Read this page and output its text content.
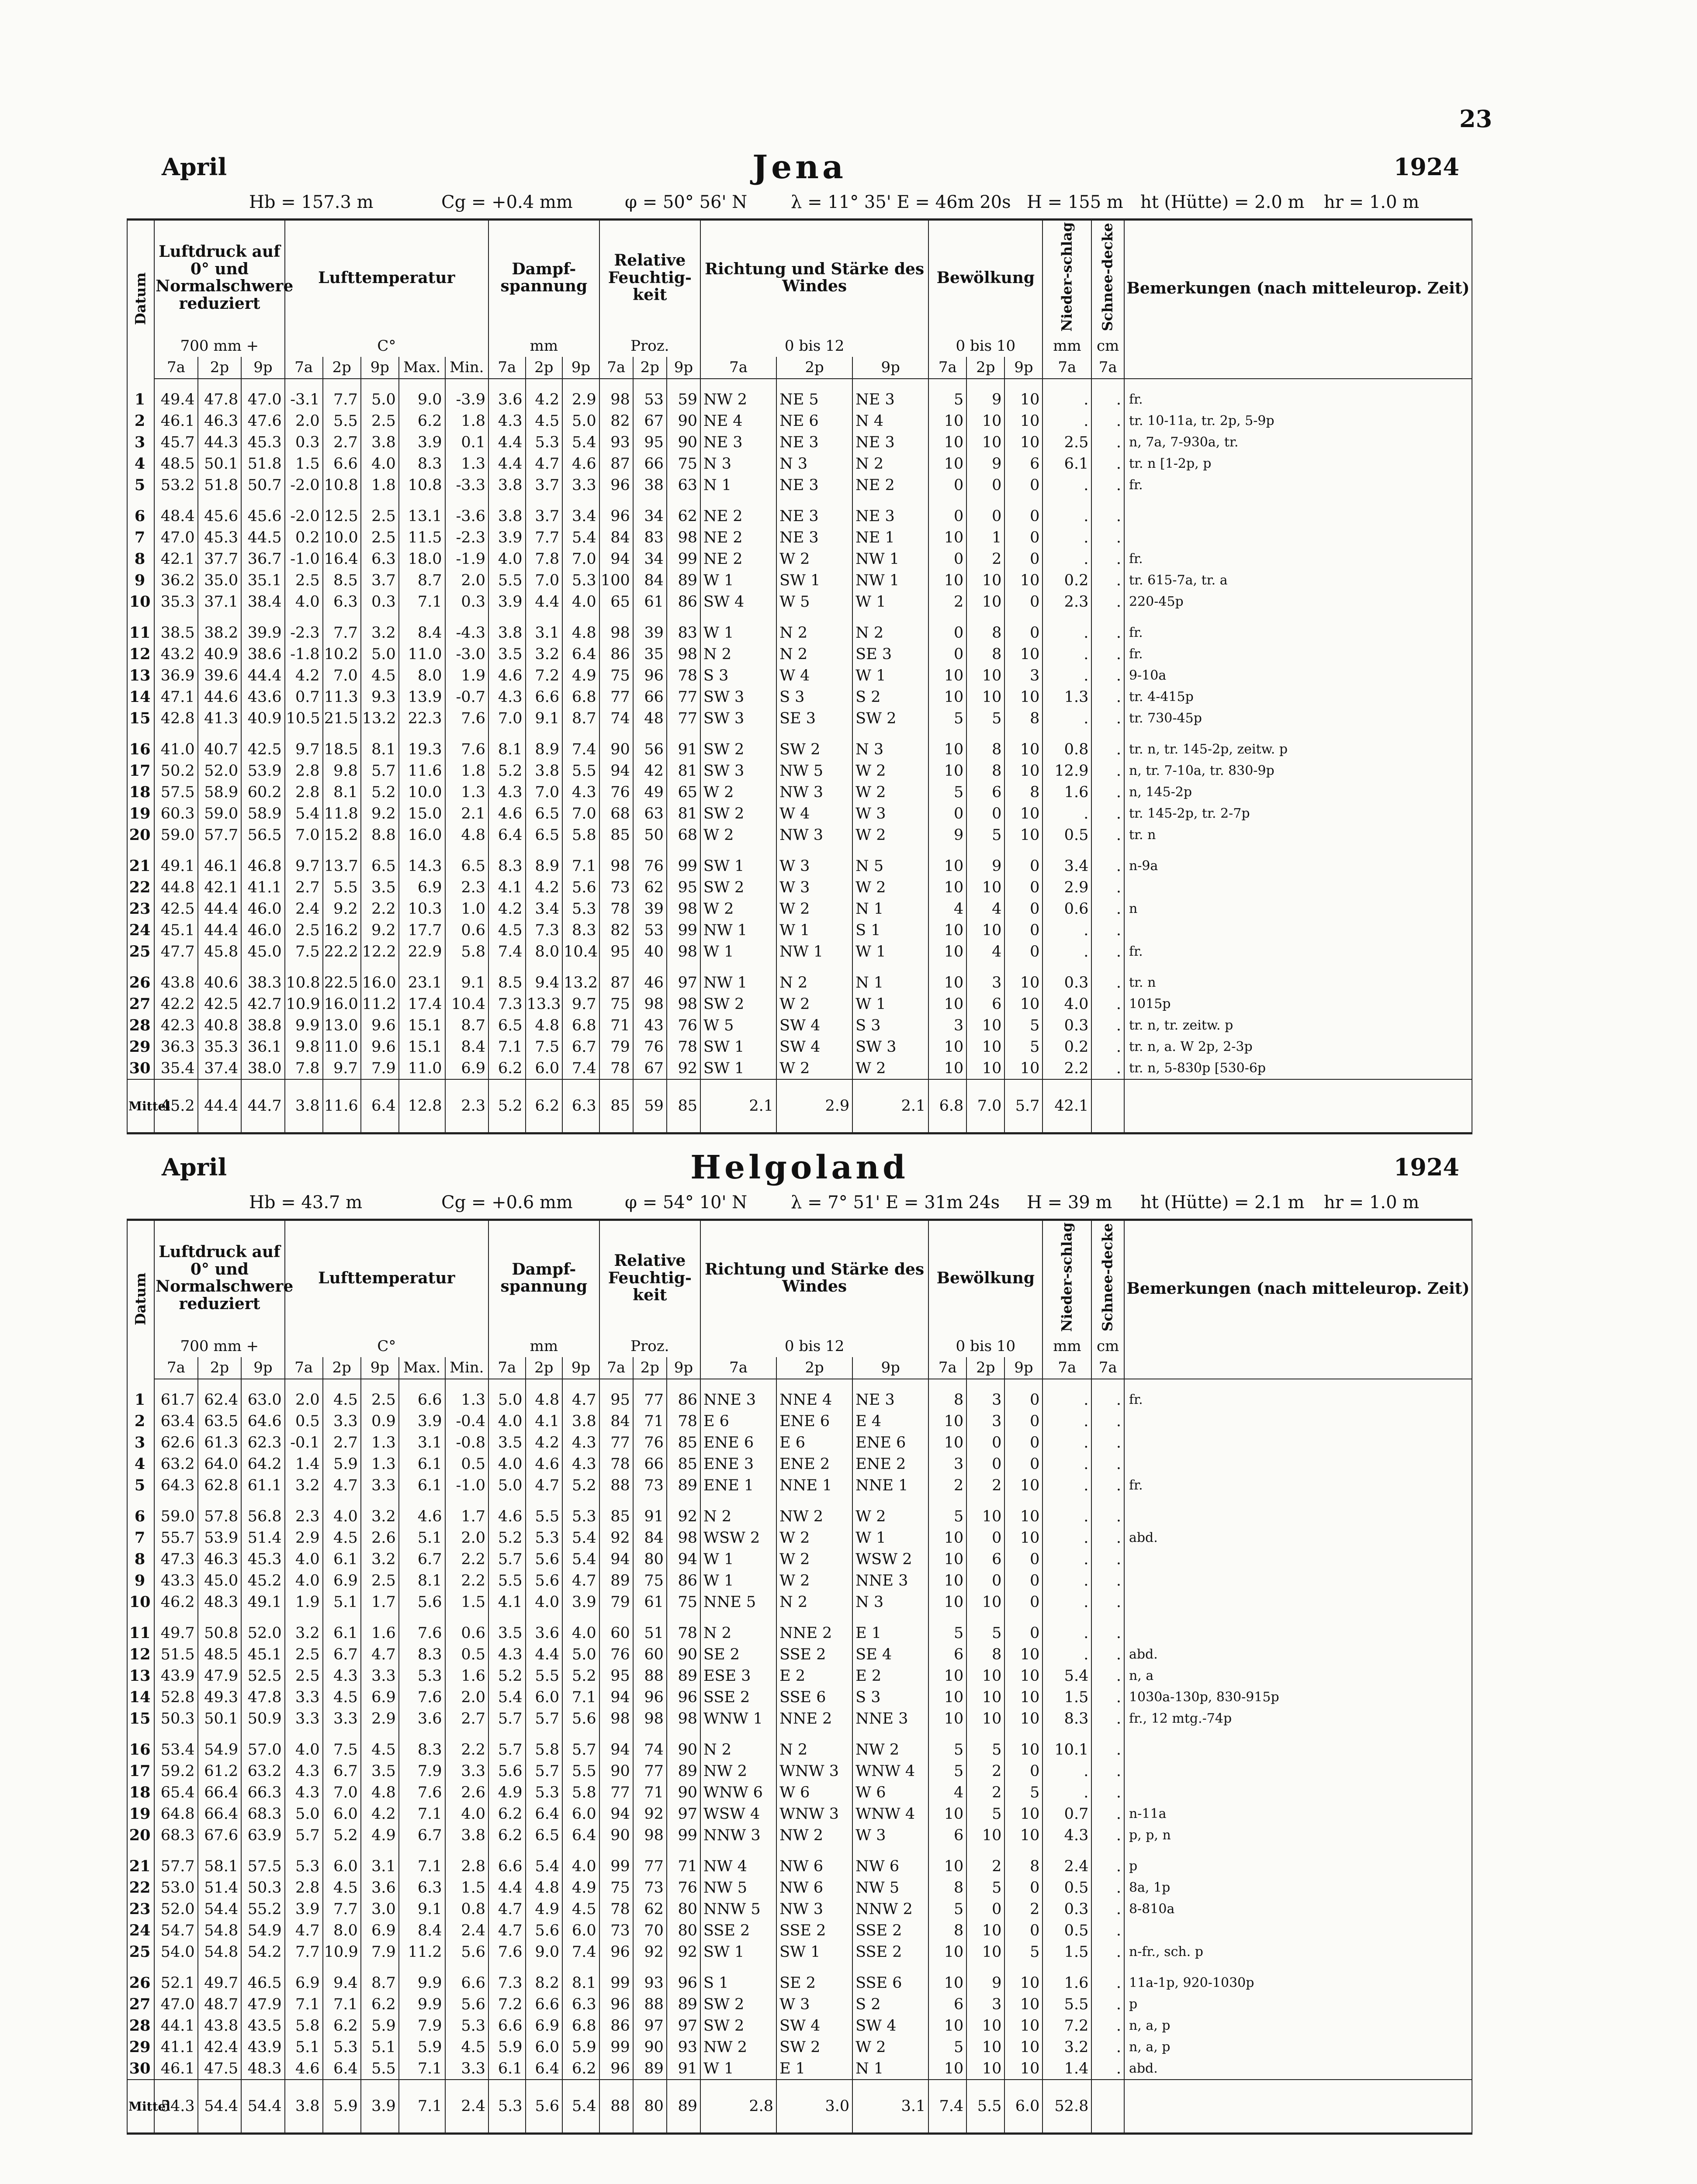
23
April	Jena	1924
Hb = 157.3 m	Cg = +0.4 mm	φ = 50° 56' N λ = 11° 35' E = 46m 20s H = 155 m ht (Hütte) = 2.0 m hr = 1.0 m
Datum	Luftdruck auf 0° und Normalschwere reduziert			Lufttemperatur					Dampf-spannung			Relative Feuchtig-keit			Richtung und Stärke des Windes			Bewölkung			Nieder-schlag	Schnee-decke	Bemerkungen (nach mitteleurop. Zeit)
	700 mm +			C°					mm			Proz.			0 bis 12			0 bis 10			mm	cm	
	7a	2p	9p	7a	2p	9p	Max.	Min.	7a	2p	9p	7a	2p	9p	7a	2p	9p	7a	2p	9p	7a	7a	

1	49.4	47.8	47.0	-3.1	7.7	5.0	9.0	-3.9	3.6	4.2	2.9	98	53	59	NW 2	NE 5	NE 3	5	9	10	.	.	fr.
2	46.1	46.3	47.6	2.0	5.5	2.5	6.2	1.8	4.3	4.5	5.0	82	67	90	NE 4	NE 6	N 4	10	10	10	.	.	tr. 10-11a, tr. 2p, 5-9p
3	45.7	44.3	45.3	0.3	2.7	3.8	3.9	0.1	4.4	5.3	5.4	93	95	90	NE 3	NE 3	NE 3	10	10	10	2.5	.	n, 7a, 7-930a, tr.
4	48.5	50.1	51.8	1.5	6.6	4.0	8.3	1.3	4.4	4.7	4.6	87	66	75	N 3	N 3	N 2	10	9	6	6.1	.	tr. n [1-2p, p
5	53.2	51.8	50.7	-2.0	10.8	1.8	10.8	-3.3	3.8	3.7	3.3	96	38	63	N 1	NE 3	NE 2	0	0	0	.	.	fr.

6	48.4	45.6	45.6	-2.0	12.5	2.5	13.1	-3.6	3.8	3.7	3.4	96	34	62	NE 2	NE 3	NE 3	0	0	0	.	.	
7	47.0	45.3	44.5	0.2	10.0	2.5	11.5	-2.3	3.9	7.7	5.4	84	83	98	NE 2	NE 3	NE 1	10	1	0	.	.	
8	42.1	37.7	36.7	-1.0	16.4	6.3	18.0	-1.9	4.0	7.8	7.0	94	34	99	NE 2	W 2	NW 1	0	2	0	.	.	fr.
9	36.2	35.0	35.1	2.5	8.5	3.7	8.7	2.0	5.5	7.0	5.3	100	84	89	W 1	SW 1	NW 1	10	10	10	0.2	.	tr. 615-7a, tr. a
10	35.3	37.1	38.4	4.0	6.3	0.3	7.1	0.3	3.9	4.4	4.0	65	61	86	SW 4	W 5	W 1	2	10	0	2.3	.	220-45p

11	38.5	38.2	39.9	-2.3	7.7	3.2	8.4	-4.3	3.8	3.1	4.8	98	39	83	W 1	N 2	N 2	0	8	0	.	.	fr.
12	43.2	40.9	38.6	-1.8	10.2	5.0	11.0	-3.0	3.5	3.2	6.4	86	35	98	N 2	N 2	SE 3	0	8	10	.	.	fr.
13	36.9	39.6	44.4	4.2	7.0	4.5	8.0	1.9	4.6	7.2	4.9	75	96	78	S 3	W 4	W 1	10	10	3	.	.	9-10a
14	47.1	44.6	43.6	0.7	11.3	9.3	13.9	-0.7	4.3	6.6	6.8	77	66	77	SW 3	S 3	S 2	10	10	10	1.3	.	tr. 4-415p
15	42.8	41.3	40.9	10.5	21.5	13.2	22.3	7.6	7.0	9.1	8.7	74	48	77	SW 3	SE 3	SW 2	5	5	8	.	.	tr. 730-45p

16	41.0	40.7	42.5	9.7	18.5	8.1	19.3	7.6	8.1	8.9	7.4	90	56	91	SW 2	SW 2	N 3	10	8	10	0.8	.	tr. n, tr. 145-2p, zeitw. p
17	50.2	52.0	53.9	2.8	9.8	5.7	11.6	1.8	5.2	3.8	5.5	94	42	81	SW 3	NW 5	W 2	10	8	10	12.9	.	n, tr. 7-10a, tr. 830-9p
18	57.5	58.9	60.2	2.8	8.1	5.2	10.0	1.3	4.3	7.0	4.3	76	49	65	W 2	NW 3	W 2	5	6	8	1.6	.	n, 145-2p
19	60.3	59.0	58.9	5.4	11.8	9.2	15.0	2.1	4.6	6.5	7.0	68	63	81	SW 2	W 4	W 3	0	0	10	.	.	tr. 145-2p, tr. 2-7p
20	59.0	57.7	56.5	7.0	15.2	8.8	16.0	4.8	6.4	6.5	5.8	85	50	68	W 2	NW 3	W 2	9	5	10	0.5	.	tr. n

21	49.1	46.1	46.8	9.7	13.7	6.5	14.3	6.5	8.3	8.9	7.1	98	76	99	SW 1	W 3	N 5	10	9	0	3.4	.	n-9a
22	44.8	42.1	41.1	2.7	5.5	3.5	6.9	2.3	4.1	4.2	5.6	73	62	95	SW 2	W 3	W 2	10	10	0	2.9	.	
23	42.5	44.4	46.0	2.4	9.2	2.2	10.3	1.0	4.2	3.4	5.3	78	39	98	W 2	W 2	N 1	4	4	0	0.6	.	n
24	45.1	44.4	46.0	2.5	16.2	9.2	17.7	0.6	4.5	7.3	8.3	82	53	99	NW 1	W 1	S 1	10	10	0	.	.	
25	47.7	45.8	45.0	7.5	22.2	12.2	22.9	5.8	7.4	8.0	10.4	95	40	98	W 1	NW 1	W 1	10	4	0	.	.	fr.

26	43.8	40.6	38.3	10.8	22.5	16.0	23.1	9.1	8.5	9.4	13.2	87	46	97	NW 1	N 2	N 1	10	3	10	0.3	.	tr. n
27	42.2	42.5	42.7	10.9	16.0	11.2	17.4	10.4	7.3	13.3	9.7	75	98	98	SW 2	W 2	W 1	10	6	10	4.0	.	1015p
28	42.3	40.8	38.8	9.9	13.0	9.6	15.1	8.7	6.5	4.8	6.8	71	43	76	W 5	SW 4	S 3	3	10	5	0.3	.	tr. n, tr. zeitw. p
29	36.3	35.3	36.1	9.8	11.0	9.6	15.1	8.4	7.1	7.5	6.7	79	76	78	SW 1	SW 4	SW 3	10	10	5	0.2	.	tr. n, a. W 2p, 2-3p
30	35.4	37.4	38.0	7.8	9.7	7.9	11.0	6.9	6.2	6.0	7.4	78	67	92	SW 1	W 2	W 2	10	10	10	2.2	.	tr. n, 5-830p [530-6p
Mittel	45.2	44.4	44.7	3.8	11.6	6.4	12.8	2.3	5.2	6.2	6.3	85	59	85	2.1	2.9	2.1	6.8	7.0	5.7	42.1		
April	Helgoland	1924
Hb = 43.7 m	Cg = +0.6 mm	φ = 54° 10' N λ = 7° 51' E = 31m 24s H = 39 m ht (Hütte) = 2.1 m hr = 1.0 m
Datum	Luftdruck auf 0° und Normalschwere reduziert			Lufttemperatur					Dampf-spannung			Relative Feuchtig-keit			Richtung und Stärke des Windes			Bewölkung			Nieder-schlag	Schnee-decke	Bemerkungen (nach mitteleurop. Zeit)
	700 mm +			C°					mm			Proz.			0 bis 12			0 bis 10			mm	cm	
	7a	2p	9p	7a	2p	9p	Max.	Min.	7a	2p	9p	7a	2p	9p	7a	2p	9p	7a	2p	9p	7a	7a	

1	61.7	62.4	63.0	2.0	4.5	2.5	6.6	1.3	5.0	4.8	4.7	95	77	86	NNE 3	NNE 4	NE 3	8	3	0	.	.	fr.
2	63.4	63.5	64.6	0.5	3.3	0.9	3.9	-0.4	4.0	4.1	3.8	84	71	78	E 6	ENE 6	E 4	10	3	0	.	.	
3	62.6	61.3	62.3	-0.1	2.7	1.3	3.1	-0.8	3.5	4.2	4.3	77	76	85	ENE 6	E 6	ENE 6	10	0	0	.	.	
4	63.2	64.0	64.2	1.4	5.9	1.3	6.1	0.5	4.0	4.6	4.3	78	66	85	ENE 3	ENE 2	ENE 2	3	0	0	.	.	
5	64.3	62.8	61.1	3.2	4.7	3.3	6.1	-1.0	5.0	4.7	5.2	88	73	89	ENE 1	NNE 1	NNE 1	2	2	10	.	.	fr.

6	59.0	57.8	56.8	2.3	4.0	3.2	4.6	1.7	4.6	5.5	5.3	85	91	92	N 2	NW 2	W 2	5	10	10	.	.	
7	55.7	53.9	51.4	2.9	4.5	2.6	5.1	2.0	5.2	5.3	5.4	92	84	98	WSW 2	W 2	W 1	10	0	10	.	.	abd.
8	47.3	46.3	45.3	4.0	6.1	3.2	6.7	2.2	5.7	5.6	5.4	94	80	94	W 1	W 2	WSW 2	10	6	0	.	.	
9	43.3	45.0	45.2	4.0	6.9	2.5	8.1	2.2	5.5	5.6	4.7	89	75	86	W 1	W 2	NNE 3	10	0	0	.	.	
10	46.2	48.3	49.1	1.9	5.1	1.7	5.6	1.5	4.1	4.0	3.9	79	61	75	NNE 5	N 2	N 3	10	10	0	.	.	

11	49.7	50.8	52.0	3.2	6.1	1.6	7.6	0.6	3.5	3.6	4.0	60	51	78	N 2	NNE 2	E 1	5	5	0	.	.	
12	51.5	48.5	45.1	2.5	6.7	4.7	8.3	0.5	4.3	4.4	5.0	76	60	90	SE 2	SSE 2	SE 4	6	8	10	.	.	abd.
13	43.9	47.9	52.5	2.5	4.3	3.3	5.3	1.6	5.2	5.5	5.2	95	88	89	ESE 3	E 2	E 2	10	10	10	5.4	.	n, a
14	52.8	49.3	47.8	3.3	4.5	6.9	7.6	2.0	5.4	6.0	7.1	94	96	96	SSE 2	SSE 6	S 3	10	10	10	1.5	.	1030a-130p, 830-915p
15	50.3	50.1	50.9	3.3	3.3	2.9	3.6	2.7	5.7	5.7	5.6	98	98	98	WNW 1	NNE 2	NNE 3	10	10	10	8.3	.	fr., 12 mtg.-74p

16	53.4	54.9	57.0	4.0	7.5	4.5	8.3	2.2	5.7	5.8	5.7	94	74	90	N 2	N 2	NW 2	5	5	10	10.1	.	
17	59.2	61.2	63.2	4.3	6.7	3.5	7.9	3.3	5.6	5.7	5.5	90	77	89	NW 2	WNW 3	WNW 4	5	2	0	.	.	
18	65.4	66.4	66.3	4.3	7.0	4.8	7.6	2.6	4.9	5.3	5.8	77	71	90	WNW 6	W 6	W 6	4	2	5	.	.	
19	64.8	66.4	68.3	5.0	6.0	4.2	7.1	4.0	6.2	6.4	6.0	94	92	97	WSW 4	WNW 3	WNW 4	10	5	10	0.7	.	n-11a
20	68.3	67.6	63.9	5.7	5.2	4.9	6.7	3.8	6.2	6.5	6.4	90	98	99	NNW 3	NW 2	W 3	6	10	10	4.3	.	p, p, n

21	57.7	58.1	57.5	5.3	6.0	3.1	7.1	2.8	6.6	5.4	4.0	99	77	71	NW 4	NW 6	NW 6	10	2	8	2.4	.	p
22	53.0	51.4	50.3	2.8	4.5	3.6	6.3	1.5	4.4	4.8	4.9	75	73	76	NW 5	NW 6	NW 5	8	5	0	0.5	.	8a, 1p
23	52.0	54.4	55.2	3.9	7.7	3.0	9.1	0.8	4.7	4.9	4.5	78	62	80	NNW 5	NW 3	NNW 2	5	0	2	0.3	.	8-810a
24	54.7	54.8	54.9	4.7	8.0	6.9	8.4	2.4	4.7	5.6	6.0	73	70	80	SSE 2	SSE 2	SSE 2	8	10	0	0.5	.	
25	54.0	54.8	54.2	7.7	10.9	7.9	11.2	5.6	7.6	9.0	7.4	96	92	92	SW 1	SW 1	SSE 2	10	10	5	1.5	.	n-fr., sch. p

26	52.1	49.7	46.5	6.9	9.4	8.7	9.9	6.6	7.3	8.2	8.1	99	93	96	S 1	SE 2	SSE 6	10	9	10	1.6	.	11a-1p, 920-1030p
27	47.0	48.7	47.9	7.1	7.1	6.2	9.9	5.6	7.2	6.6	6.3	96	88	89	SW 2	W 3	S 2	6	3	10	5.5	.	p
28	44.1	43.8	43.5	5.8	6.2	5.9	7.9	5.3	6.6	6.9	6.8	86	97	97	SW 2	SW 4	SW 4	10	10	10	7.2	.	n, a, p
29	41.1	42.4	43.9	5.1	5.3	5.1	5.9	4.5	5.9	6.0	5.9	99	90	93	NW 2	SW 2	W 2	5	10	10	3.2	.	n, a, p
30	46.1	47.5	48.3	4.6	6.4	5.5	7.1	3.3	6.1	6.4	6.2	96	89	91	W 1	E 1	N 1	10	10	10	1.4	.	abd.
Mittel	54.3	54.4	54.4	3.8	5.9	3.9	7.1	2.4	5.3	5.6	5.4	88	80	89	2.8	3.0	3.1	7.4	5.5	6.0	52.8		
